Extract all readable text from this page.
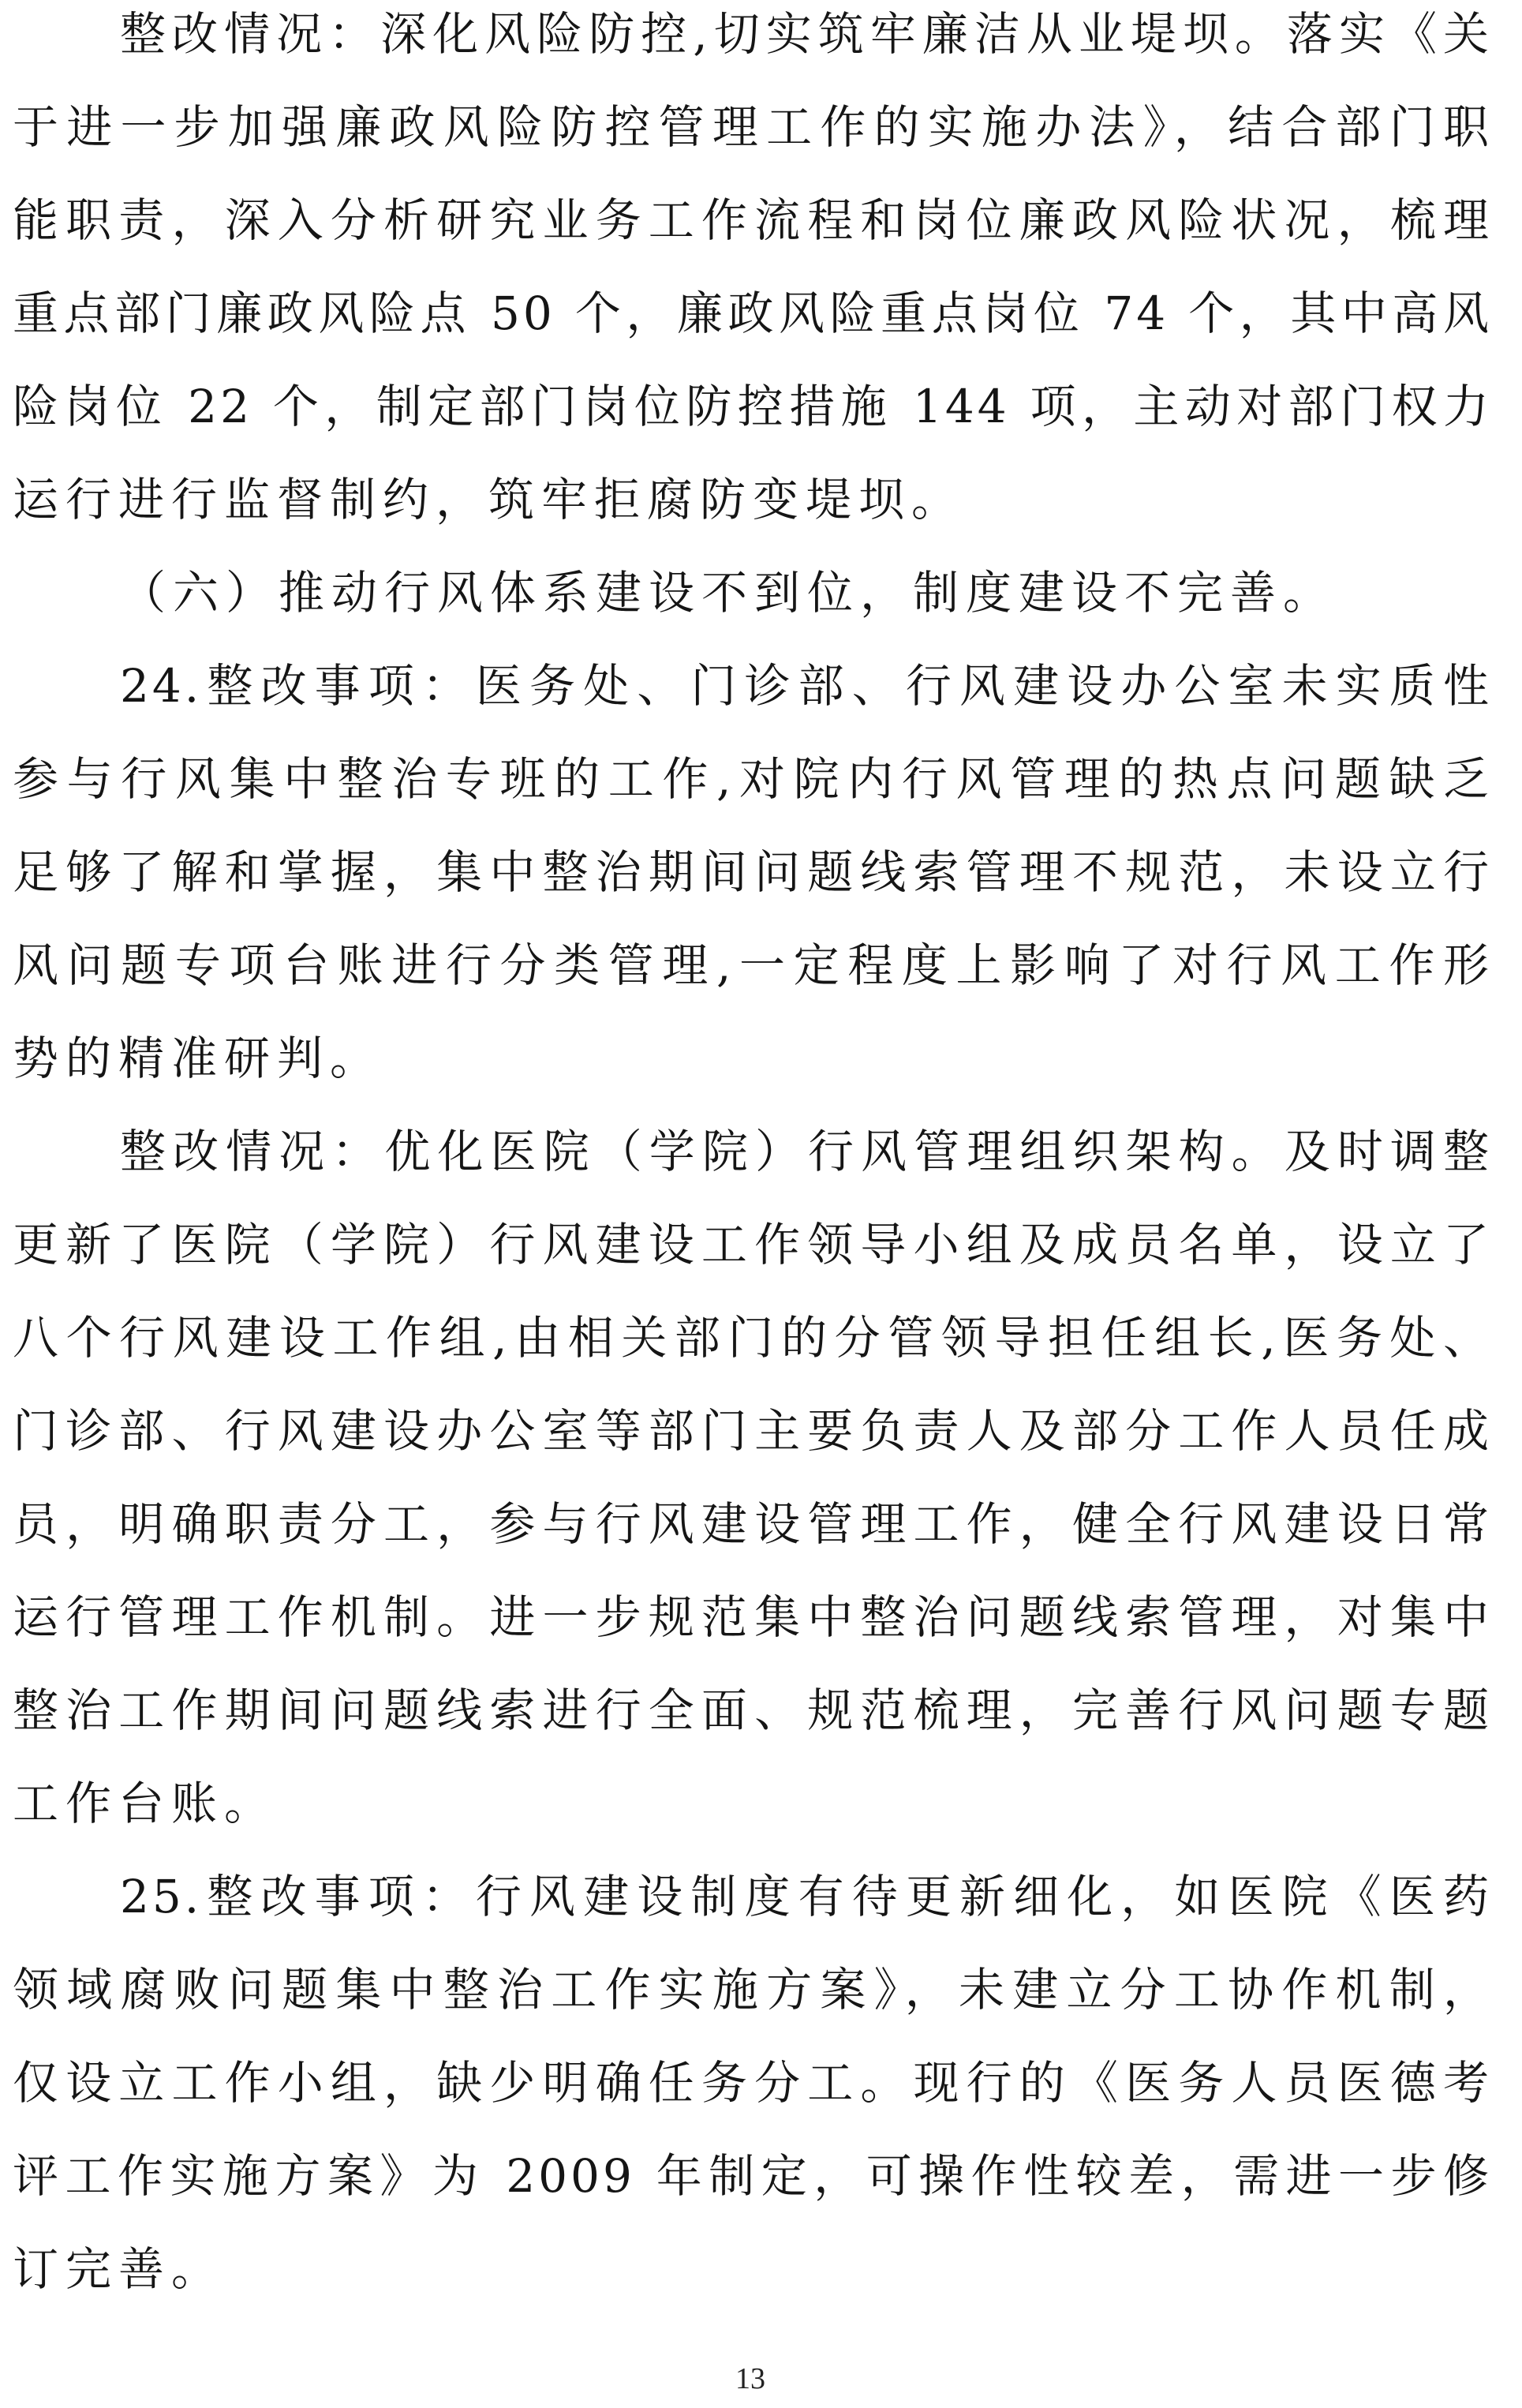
整改情况：深化风险防控,切实筑牢廉洁从业堤坝。落实《关
于进一步加强廉政风险防控管理工作的实施办法》，结合部门职
能职责，深入分析研究业务工作流程和岗位廉政风险状况，梳理
重点部门廉政风险点 50 个，廉政风险重点岗位 74 个，其中高风
险岗位 22 个，制定部门岗位防控措施 144 项，主动对部门权力
运行进行监督制约，筑牢拒腐防变堤坝。
（六）推动行风体系建设不到位，制度建设不完善。
24.整改事项：医务处、门诊部、行风建设办公室未实质性
参与行风集中整治专班的工作,对院内行风管理的热点问题缺乏
足够了解和掌握，集中整治期间问题线索管理不规范，未设立行
风问题专项台账进行分类管理,一定程度上影响了对行风工作形
势的精准研判。
整改情况：优化医院（学院）行风管理组织架构。及时调整
更新了医院（学院）行风建设工作领导小组及成员名单，设立了
八个行风建设工作组,由相关部门的分管领导担任组长,医务处、
门诊部、行风建设办公室等部门主要负责人及部分工作人员任成
员，明确职责分工，参与行风建设管理工作，健全行风建设日常
运行管理工作机制。进一步规范集中整治问题线索管理，对集中
整治工作期间问题线索进行全面、规范梳理，完善行风问题专题
工作台账。
25.整改事项：行风建设制度有待更新细化，如医院《医药
领域腐败问题集中整治工作实施方案》，未建立分工协作机制，
仅设立工作小组，缺少明确任务分工。现行的《医务人员医德考
评工作实施方案》为 2009 年制定，可操作性较差，需进一步修
订完善。
13
